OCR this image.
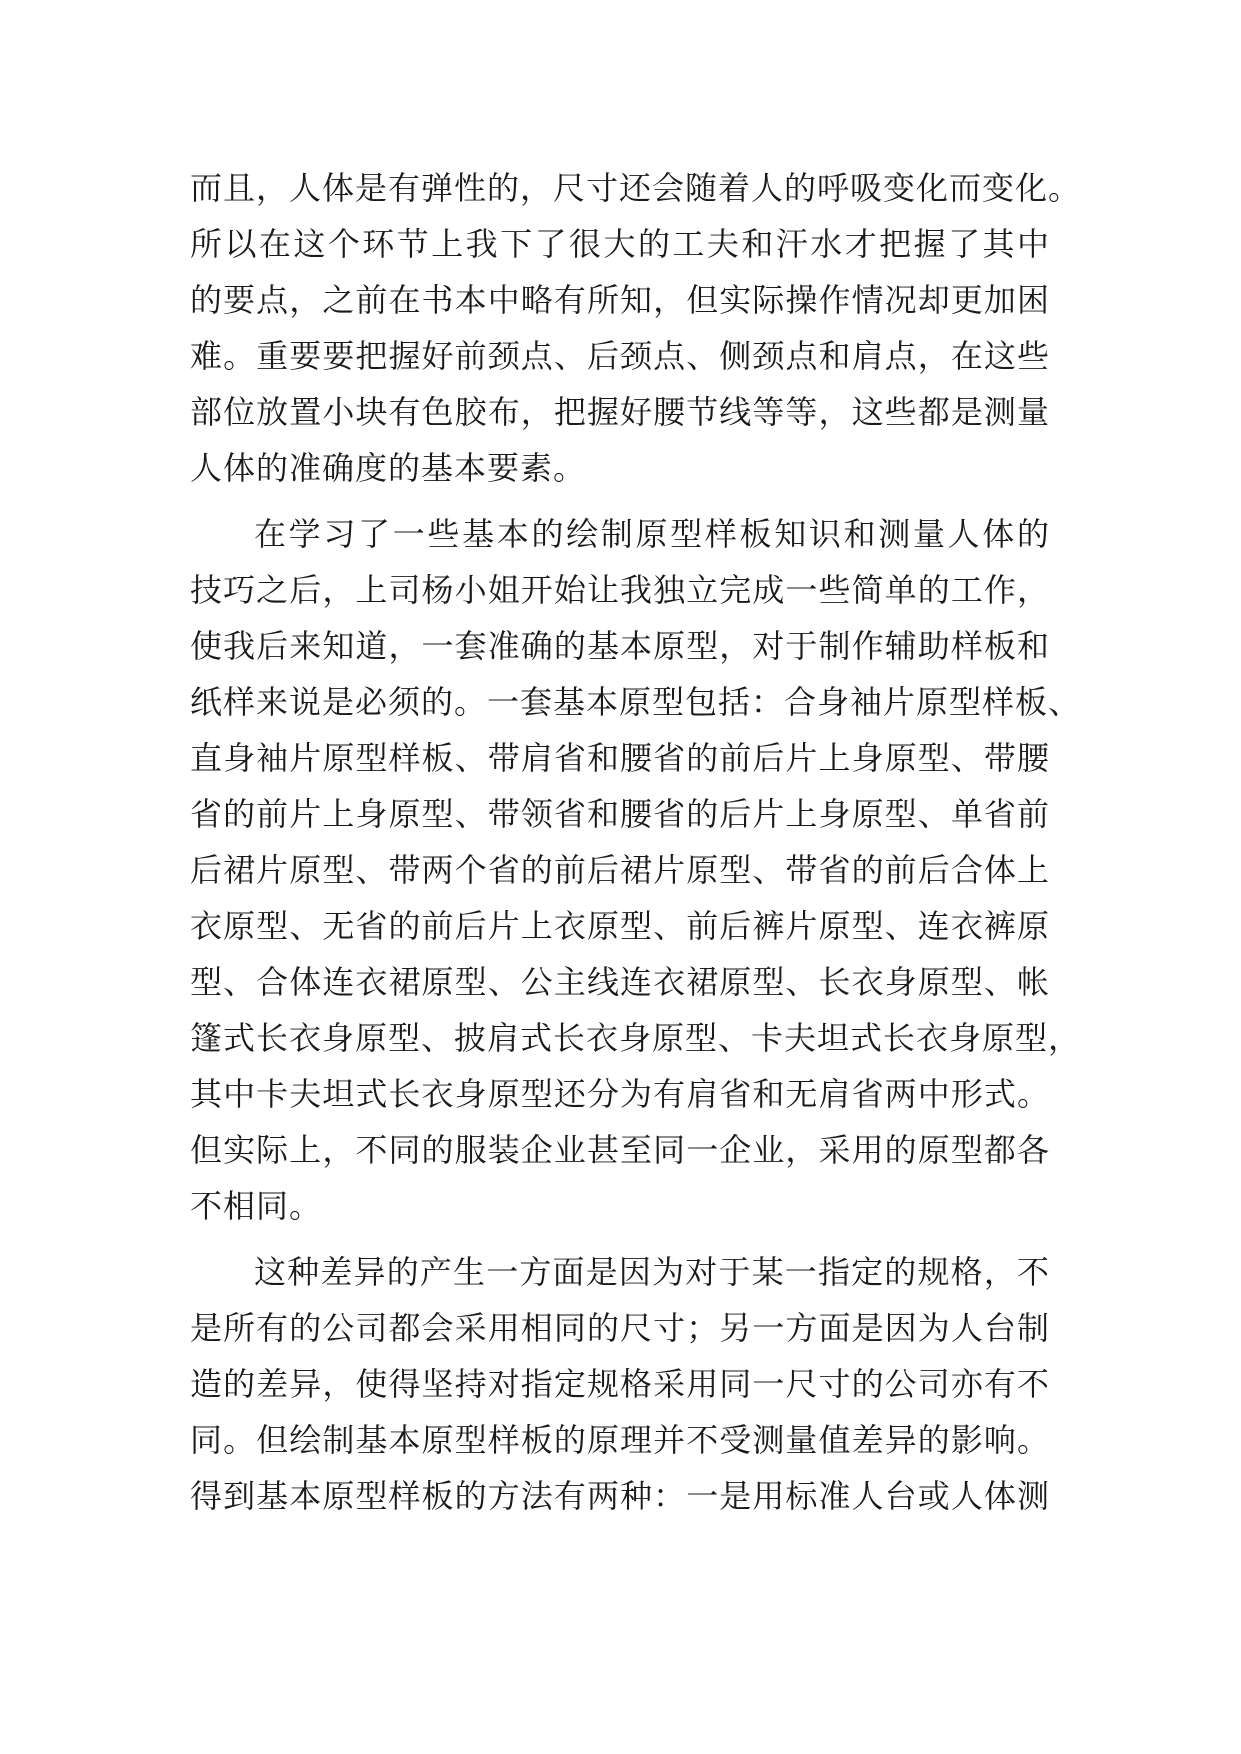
而且，人体是有弹性的，尺寸还会随着人的呼吸变化而变化。
所以在这个环节上我下了很大的工夫和汗水才把握了其中
的要点，之前在书本中略有所知，但实际操作情况却更加困
难。重要要把握好前颈点、后颈点、侧颈点和肩点，在这些
部位放置小块有色胶布，把握好腰节线等等，这些都是测量
人体的准确度的基本要素。
在学习了一些基本的绘制原型样板知识和测量人体的
技巧之后，上司杨小姐开始让我独立完成一些简单的工作，
使我后来知道，一套准确的基本原型，对于制作辅助样板和
纸样来说是必须的。一套基本原型包括：合身袖片原型样板、
直身袖片原型样板、带肩省和腰省的前后片上身原型、带腰
省的前片上身原型、带领省和腰省的后片上身原型、单省前
后裙片原型、带两个省的前后裙片原型、带省的前后合体上
衣原型、无省的前后片上衣原型、前后裤片原型、连衣裤原
型、合体连衣裙原型、公主线连衣裙原型、长衣身原型、帐
篷式长衣身原型、披肩式长衣身原型、卡夫坦式长衣身原型，
其中卡夫坦式长衣身原型还分为有肩省和无肩省两中形式。
但实际上，不同的服装企业甚至同一企业，采用的原型都各
不相同。
这种差异的产生一方面是因为对于某一指定的规格，不
是所有的公司都会采用相同的尺寸；另一方面是因为人台制
造的差异，使得坚持对指定规格采用同一尺寸的公司亦有不
同。但绘制基本原型样板的原理并不受测量值差异的影响。
得到基本原型样板的方法有两种：一是用标准人台或人体测
